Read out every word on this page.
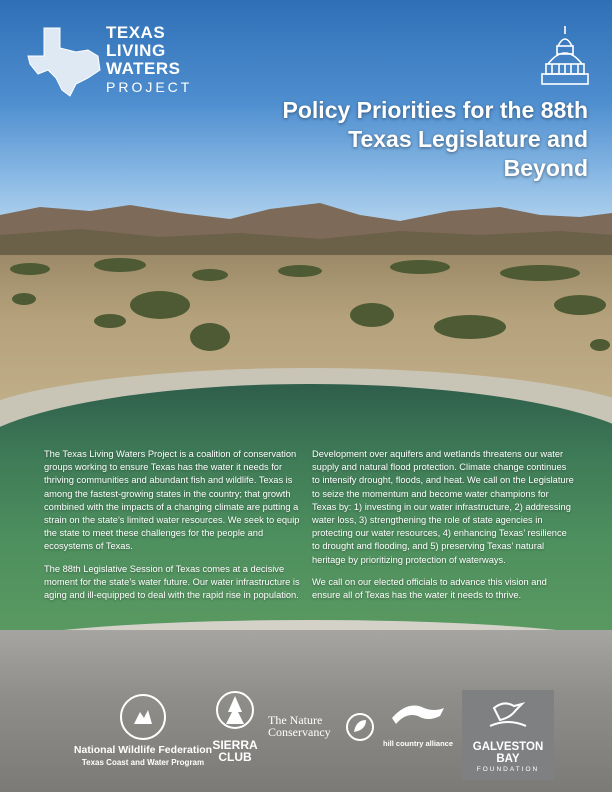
TEXAS
LIVING
WATERS
PROJECT
Policy Priorities for the 88th
Texas Legislature and Beyond

The Texas Living Waters Project is a coalition of conservation groups working to ensure Texas has the water it needs for thriving communities and abundant fish and wildlife. Texas is among the fastest-growing states in the country; that growth combined with the impacts of a changing climate are putting a strain on the state’s limited water resources. We seek to equip the state to meet these challenges for the people and ecosystems of Texas.

The 88th Legislative Session of Texas comes at a decisive moment for the state’s water future. Our water infrastructure is aging and ill-equipped to deal with the rapid rise in population.

Development over aquifers and wetlands threatens our water supply and natural flood protection. Climate change continues to intensify drought, floods, and heat. We call on the Legislature to seize the momentum and become water champions for Texas by: 1) investing in our water infrastructure, 2) addressing water loss, 3) strengthening the role of state agencies in protecting our water resources, 4) enhancing Texas’ resilience to drought and flooding, and 5) preserving Texas’ natural heritage by prioritizing protection of waterways.

We call on our elected officials to advance this vision and ensure all of Texas has the water it needs to thrive.

National Wildlife Federation
Texas Coast and Water Program
SIERRA
CLUB
The Nature
Conservancy
hill country alliance	GALVESTON BAY
FOUNDATION
